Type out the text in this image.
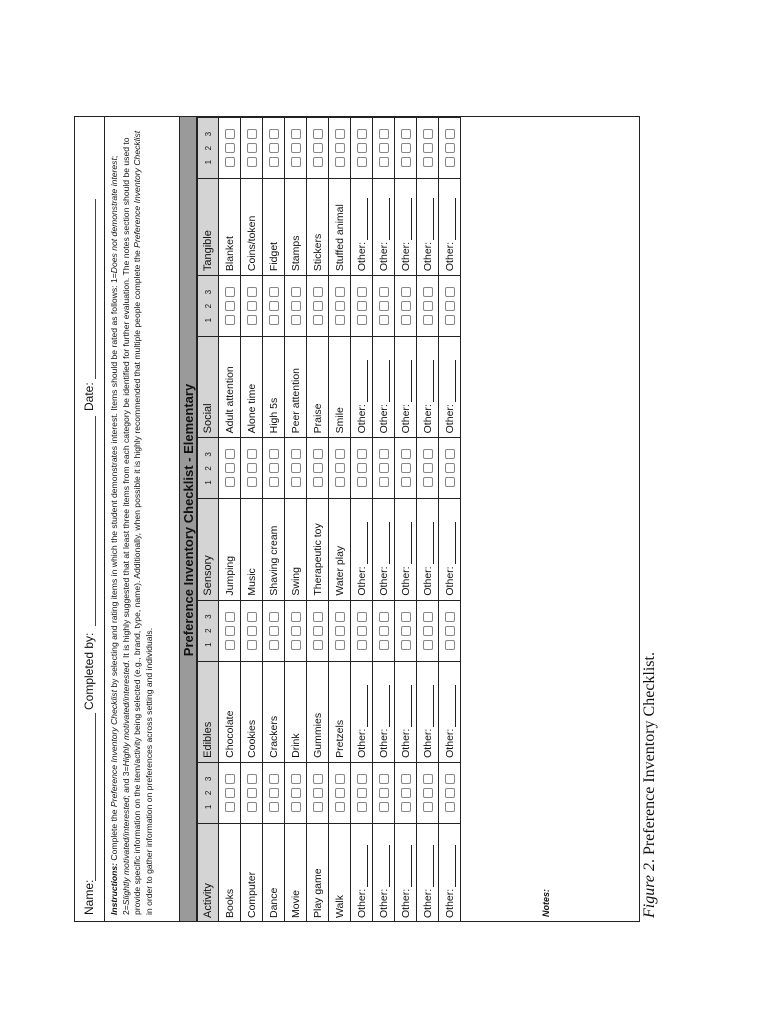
Name:
Completed by:
Date:

Instructions: Complete the Preference Inventory Checklist by selecting and rating items in which the student demonstrates interest. Items should be rated as follows: 1=Does not demonstrate interest; 2=Slightly motivated/interested; and 3=Highly motivated/interested. It is highly suggested that at least three items from each category be identified for further evaluation. The notes section should be used to provide specific information on the item/activity being selected (e.g., brand, type, name). Additionally, when possible it is highly recommended that multiple people complete the Preference Inventory Checklist in order to gather information on preferences across setting and individuals.

Preference Inventory Checklist - Elementary
Activity	123	Edibles	123	Sensory	123	Social	123	Tangible	123
Books		Chocolate		Jumping		Adult attention		Blanket	
Computer		Cookies		Music		Alone time		Coins/token	
Dance		Crackers		Shaving cream		High 5s		Fidget	
Movie		Drink		Swing		Peer attention		Stamps	
Play game		Gummies		Therapeutic toy		Praise		Stickers	
Walk		Pretzels		Water play		Smile		Stuffed animal	
Other:		Other:		Other:		Other:		Other:	
Other:		Other:		Other:		Other:		Other:	
Other:		Other:		Other:		Other:		Other:	
Other:		Other:		Other:		Other:		Other:	
Other:		Other:		Other:		Other:		Other:	
Notes:	Figure 2. Preference Inventory Checklist.
